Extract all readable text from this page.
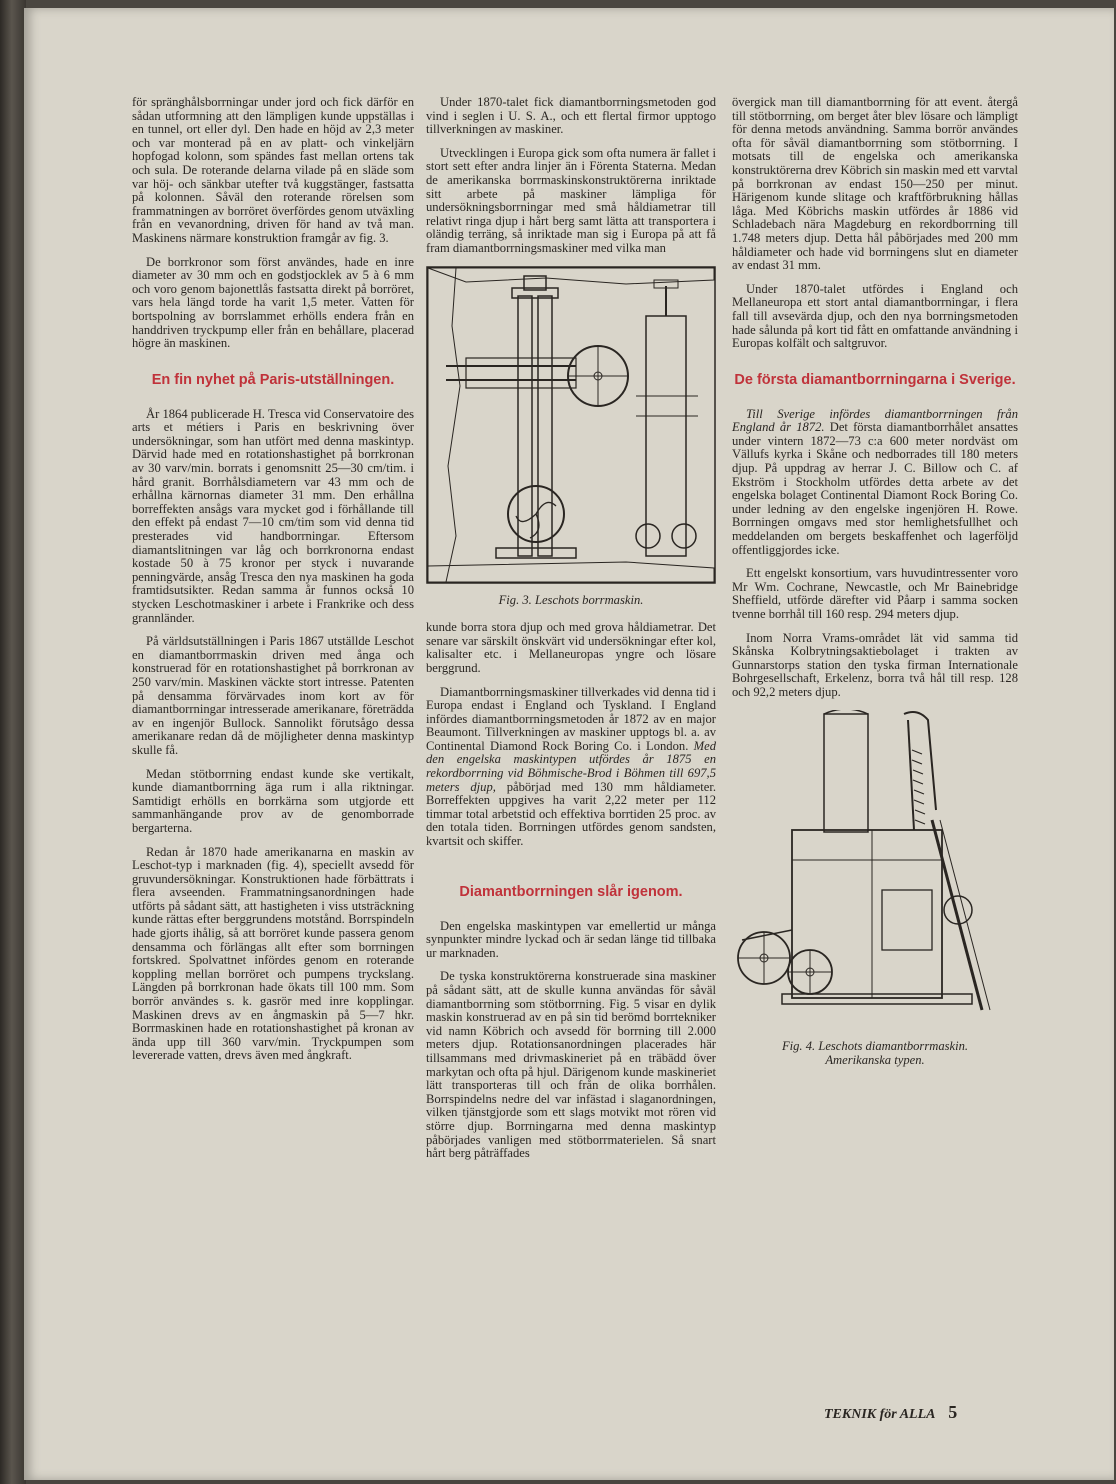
för spränghålsborrningar under jord och fick därför en sådan utformning att den lämpligen kunde uppställas i en tunnel, ort eller dyl. Den hade en höjd av 2,3 meter och var monterad på en av platt- och vinkeljärn hopfogad kolonn, som spändes fast mellan ortens tak och sula. De roterande delarna vilade på en släde som var höj- och sänkbar utefter två kuggstänger, fastsatta på kolonnen. Såväl den roterande rörelsen som frammatningen av borröret överfördes genom utväxling från en vevanordning, driven för hand av två man. Maskinens närmare konstruktion framgår av fig. 3.

De borrkronor som först användes, hade en inre diameter av 30 mm och en godstjocklek av 5 à 6 mm och voro genom bajonettlås fastsatta direkt på borröret, vars hela längd torde ha varit 1,5 meter. Vatten för bortspolning av borrslammet erhölls endera från en handdriven tryckpump eller från en behållare, placerad högre än maskinen.

En fin nyhet på Paris-utställningen.

År 1864 publicerade H. Tresca vid Conservatoire des arts et métiers i Paris en beskrivning över undersökningar, som han utfört med denna maskintyp. Därvid hade med en rotationshastighet på borrkronan av 30 varv/min. borrats i genomsnitt 25—30 cm/tim. i hård granit. Borrhålsdiametern var 43 mm och de erhållna kärnornas diameter 31 mm. Den erhållna borreffekten ansågs vara mycket god i förhållande till den effekt på endast 7—10 cm/tim som vid denna tid presterades vid handborrningar. Eftersom diamantslitningen var låg och borrkronorna endast kostade 50 à 75 kronor per styck i nuvarande penningvärde, ansåg Tresca den nya maskinen ha goda framtidsutsikter. Redan samma år funnos också 10 stycken Leschotmaskiner i arbete i Frankrike och dess grannländer.

På världsutställningen i Paris 1867 utställde Leschot en diamantborrmaskin driven med ånga och konstruerad för en rotationshastighet på borrkronan av 250 varv/min. Maskinen väckte stort intresse. Patenten på densamma förvärvades inom kort av för diamantborrningar intresserade amerikanare, företrädda av en ingenjör Bullock. Sannolikt förutsågo dessa amerikanare redan då de möjligheter denna maskintyp skulle få.

Medan stötborrning endast kunde ske vertikalt, kunde diamantborrning äga rum i alla riktningar. Samtidigt erhölls en borrkärna som utgjorde ett sammanhängande prov av de genomborrade bergarterna.

Redan år 1870 hade amerikanarna en maskin av Leschot-typ i marknaden (fig. 4), speciellt avsedd för gruvundersökningar. Konstruktionen hade förbättrats i flera avseenden. Frammatningsanordningen hade utförts på sådant sätt, att hastigheten i viss utsträckning kunde rättas efter berggrundens motstånd. Borrspindeln hade gjorts ihålig, så att borröret kunde passera genom densamma och förlängas allt efter som borrningen fortskred. Spolvattnet infördes genom en roterande koppling mellan borröret och pumpens tryckslang. Längden på borrkronan hade ökats till 100 mm. Som borrör användes s. k. gasrör med inre kopplingar. Maskinen drevs av en ångmaskin på 5—7 hkr. Borrmaskinen hade en rotationshastighet på kronan av ända upp till 360 varv/min. Tryckpumpen som levererade vatten, drevs även med ångkraft.

Under 1870-talet fick diamantborrningsmetoden god vind i seglen i U. S. A., och ett flertal firmor upptogo tillverkningen av maskiner.

Utvecklingen i Europa gick som ofta numera är fallet i stort sett efter andra linjer än i Förenta Staterna. Medan de amerikanska borrmaskinskonstruktörerna inriktade sitt arbete på maskiner lämpliga för undersökningsborrningar med små håldiametrar till relativt ringa djup i hårt berg samt lätta att transportera i oländig terräng, så inriktade man sig i Europa på att få fram diamantborrningsmaskiner med vilka man

Fig. 3. Leschots borrmaskin.

kunde borra stora djup och med grova håldiametrar. Det senare var särskilt önskvärt vid undersökningar efter kol, kalisalter etc. i Mellaneuropas yngre och lösare berggrund.

Diamantborrningsmaskiner tillverkades vid denna tid i Europa endast i England och Tyskland. I England infördes diamantborrningsmetoden år 1872 av en major Beaumont. Tillverkningen av maskiner upptogs bl. a. av Continental Diamond Rock Boring Co. i London. Med den engelska maskintypen utfördes år 1875 en rekordborrning vid Böhmische-Brod i Böhmen till 697,5 meters djup, påbörjad med 130 mm håldiameter. Borreffekten uppgives ha varit 2,22 meter per 112 timmar total arbetstid och effektiva borrtiden 25 proc. av den totala tiden. Borrningen utfördes genom sandsten, kvartsit och skiffer.

Diamantborrningen slår igenom.

Den engelska maskintypen var emellertid ur många synpunkter mindre lyckad och är sedan länge tid tillbaka ur marknaden.

De tyska konstruktörerna konstruerade sina maskiner på sådant sätt, att de skulle kunna användas för såväl diamantborrning som stötborrning. Fig. 5 visar en dylik maskin konstruerad av en på sin tid berömd borrtekniker vid namn Köbrich och avsedd för borrning till 2.000 meters djup. Rotationsanordningen placerades här tillsammans med drivmaskineriet på en träbädd över markytan och ofta på hjul. Därigenom kunde maskineriet lätt transporteras till och från de olika borrhålen. Borrspindelns nedre del var infästad i slaganordningen, vilken tjänstgjorde som ett slags motvikt mot rören vid större djup. Borrningarna med denna maskintyp påbörjades vanligen med stötborrmaterielen. Så snart hårt berg påträffades

övergick man till diamantborrning för att event. återgå till stötborrning, om berget åter blev lösare och lämpligt för denna metods användning. Samma borrör användes ofta för såväl diamantborrning som stötborrning. I motsats till de engelska och amerikanska konstruktörerna drev Köbrich sin maskin med ett varvtal på borrkronan av endast 150—250 per minut. Härigenom kunde slitage och kraftförbrukning hållas låga. Med Köbrichs maskin utfördes år 1886 vid Schladebach nära Magdeburg en rekordborrning till 1.748 meters djup. Detta hål påbörjades med 200 mm håldiameter och hade vid borrningens slut en diameter av endast 31 mm.

Under 1870-talet utfördes i England och Mellaneuropa ett stort antal diamantborrningar, i flera fall till avsevärda djup, och den nya borrningsmetoden hade sålunda på kort tid fått en omfattande användning i Europas kolfält och saltgruvor.

De första diamantborrningarna i Sverige.

Till Sverige infördes diamantborrningen från England år 1872. Det första diamantborrhålet ansattes under vintern 1872—73 c:a 600 meter nordväst om Vällufs kyrka i Skåne och nedborrades till 180 meters djup. På uppdrag av herrar J. C. Billow och C. af Ekström i Stockholm utfördes detta arbete av det engelska bolaget Continental Diamont Rock Boring Co. under ledning av den engelske ingenjören H. Rowe. Borrningen omgavs med stor hemlighetsfullhet och meddelanden om bergets beskaffenhet och lagerföljd offentliggjordes icke.

Ett engelskt konsortium, vars huvudintressenter voro Mr Wm. Cochrane, Newcastle, och Mr Bainebridge Sheffield, utförde därefter vid Påarp i samma socken tvenne borrhål till 160 resp. 294 meters djup.

Inom Norra Vrams-området lät vid samma tid Skånska Kolbrytningsaktiebolaget i trakten av Gunnarstorps station den tyska firman Internationale Bohrgesellschaft, Erkelenz, borra två hål till resp. 128 och 92,2 meters djup.

Fig. 4. Leschots diamantborrmaskin.
Amerikanska typen.
TEKNIK för ALLA 5
